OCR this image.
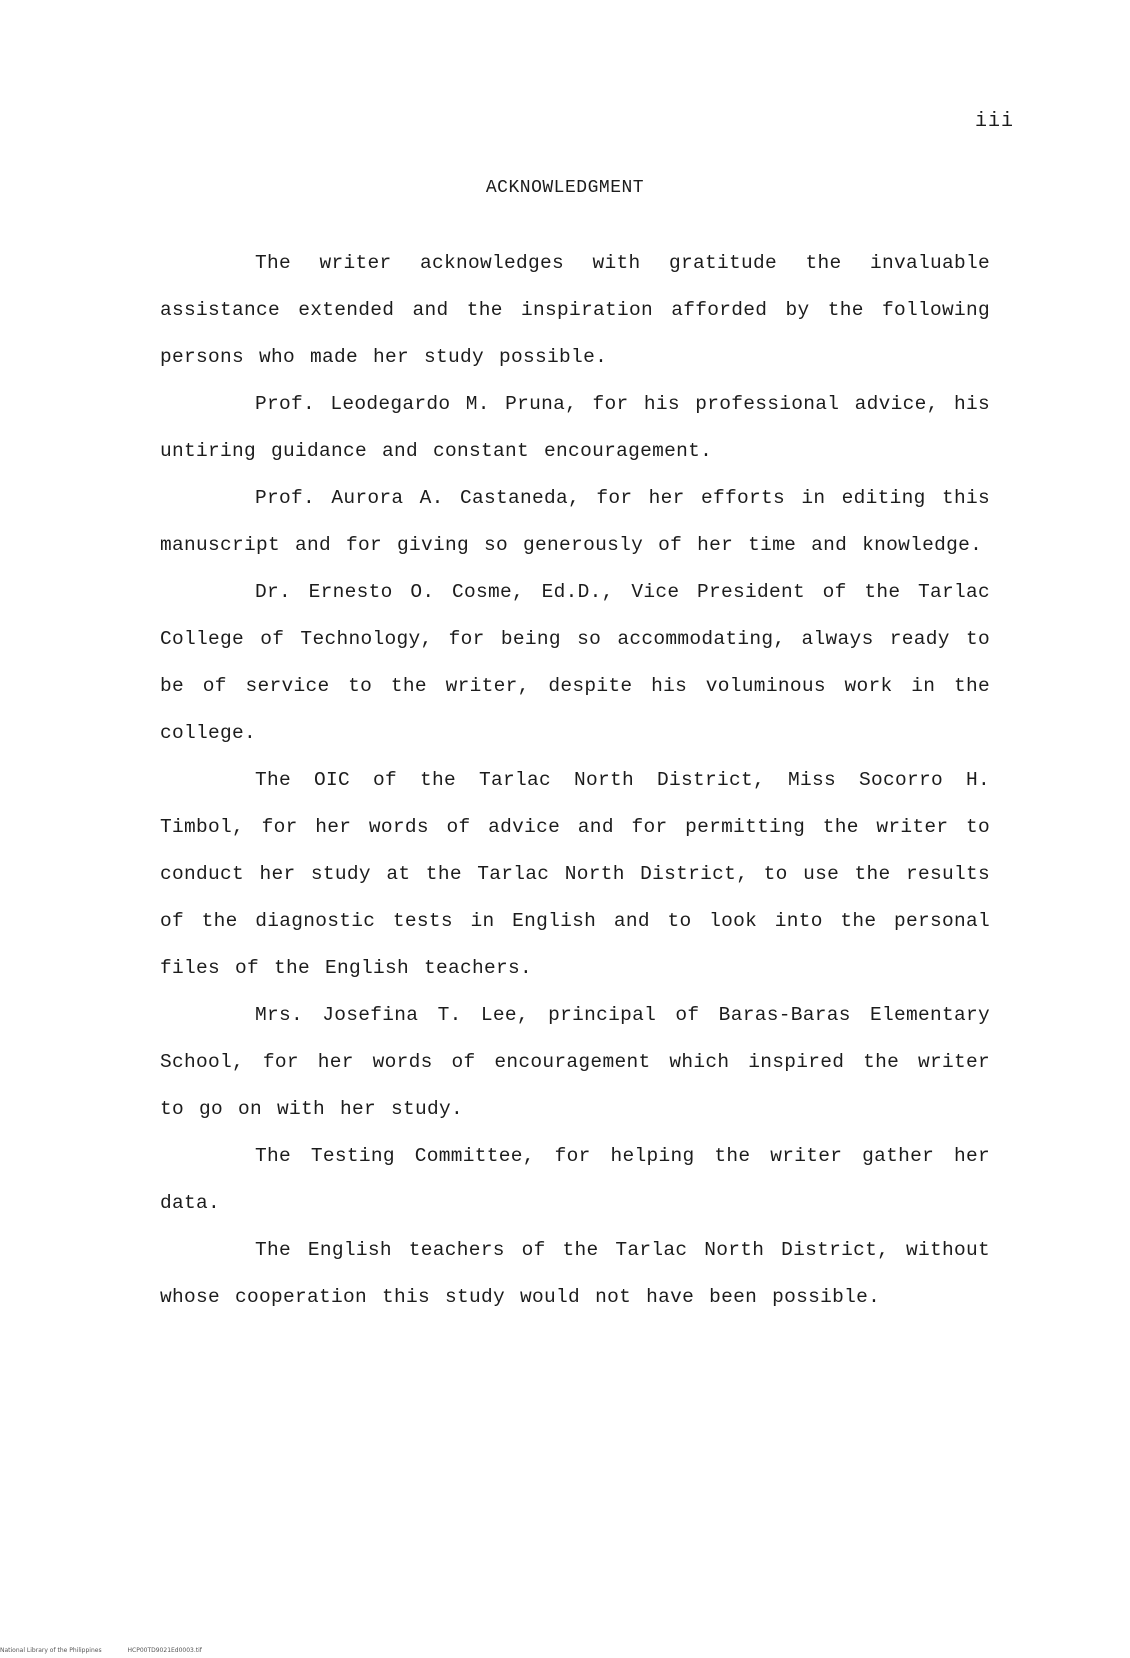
iii
ACKNOWLEDGMENT

The writer acknowledges with gratitude the invaluable assistance extended and the inspiration afforded by the following persons who made her study possible.

Prof. Leodegardo M. Pruna, for his professional advice, his untiring guidance and constant encouragement.

Prof. Aurora A. Castaneda, for her efforts in editing this manuscript and for giving so generously of her time and knowledge.

Dr. Ernesto O. Cosme, Ed.D., Vice President of the Tarlac College of Technology, for being so accommodating, always ready to be of service to the writer, despite his voluminous work in the college.

The OIC of the Tarlac North District, Miss Socorro H. Timbol, for her words of advice and for permitting the writer to conduct her study at the Tarlac North District, to use the results of the diagnostic tests in English and to look into the personal files of the English teachers.

Mrs. Josefina T. Lee, principal of Baras-Baras Elementary School, for her words of encouragement which inspired the writer to go on with her study.

The Testing Committee, for helping the writer gather her data.

The English teachers of the Tarlac North District, without whose cooperation this study would not have been possible.

National Library of the Philippines	HCP00TD9021Ed0003.tif
